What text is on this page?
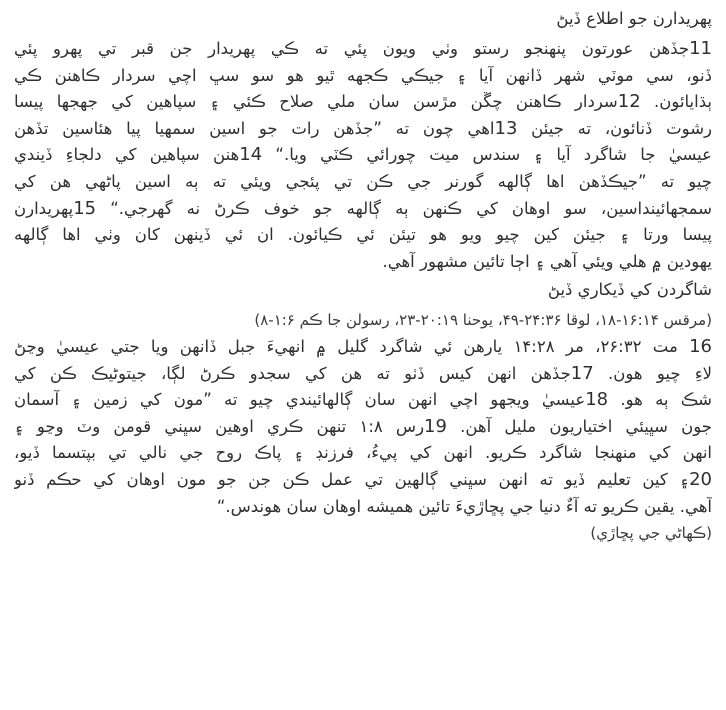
پهريدارن جو اطلاع ڏيڻ
11جڏهن عورتون پنهنجو رستو وٺي ويون پئي ته ڪي پهريدار جن قبر تي پهرو پئي
ڏنو، سي موٽي شهر ڏانهن آيا ۽ جيڪي ڪجهه ٿيو هو سو سڀ اچي سردار ڪاهنن ڪي
ٻڌايائون. 12سردار ڪاهنن چڱن مڙسن سان ملي صلاح ڪئي ۽ سپاهين کي جهجها پيسا
رشوت ڏنائون، ته جيئن 13اهي چون ته ”جڏهن رات جو اسين سمهيا پيا هئاسين تڏهن
عيسيٰ جا شاگرد آيا ۽ سندس ميت چورائي ڪٽي ويا.“ 14هنن سپاهين کي دلجاءِ ڏيندي
چيو ته ”جيڪڏهن اها ڳالهه گورنر جي ڪن تي پئجي ويئي ته ٻه اسين پاڻهي هن کي
سمجهائينداسين، سو اوهان کي ڪنهن ٻه ڳالهه جو خوف ڪرڻ نه گهرجي.“ 15پهريدارن
پيسا ورتا ۽ جيئن کين چيو ويو هو تيئن ئي ڪيائون. ان ئي ڏينهن کان وٺي اها ڳالهه
يهودين ۾ هلي ويئي آهي ۽ اڄا تائين مشهور آهي.
شاگردن کي ڏيکاري ڏيڻ
(مرقس ۱۶:۱۴-۱۸، لوقا ۲۴:۳۶-۴۹، يوحنا ۲۰:۱۹-۲۳، رسولن جا ڪم ۱:۶-۸)
16 مت ۲۶:۳۲، مر ۱۴:۲۸ يارهن ئي شاگرد گليل ۾ انهيءَ جبل ڏانهن ويا جتي عيسيٰ وڃڻ
لاءِ چيو هون. 17جڏهن انهن کيس ڏٺو ته هن کي سجدو ڪرڻ لڳا، جيتوڻيڪ ڪن کي
شڪ ٻه هو. 18عيسيٰ ويجهو اچي انهن سان ڳالهائيندي چيو ته ”مون کي زمين ۽ آسمان
جون سڀيئي اختياريون مليل آهن. 19رس ۱:۸ تنهن ڪري اوهين سڀني قومن وٽ وڃو ۽
انهن کي منهنجا شاگرد ڪريو. انهن کي پيءُ، فرزنڊ ۽ پاڪ روح جي نالي تي بپتسما ڏيو،
20۽ کين تعليم ڏيو ته انهن سڀني ڳالهين تي عمل ڪن جن جو مون اوهان کي حڪم ڏنو
آهي. يقين ڪريو ته آءٌ دنيا جي پڇاڙيءَ تائين هميشه اوهان سان هوندس.“
(ڪهاڻي جي پڇاڙي)
